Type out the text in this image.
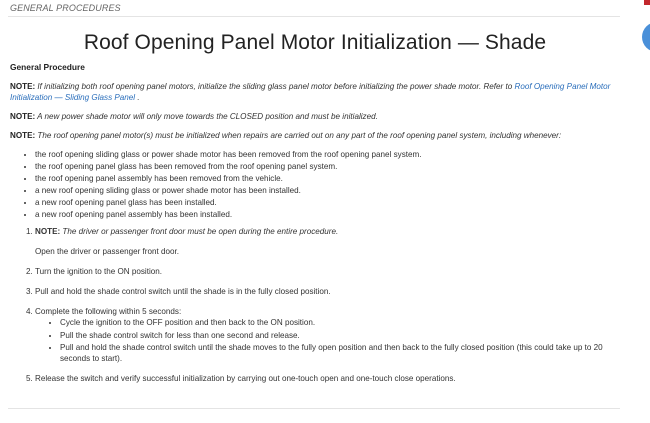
GENERAL PROCEDURES
Roof Opening Panel Motor Initialization — Shade
General Procedure

NOTE: If initializing both roof opening panel motors, initialize the sliding glass panel motor before initializing the power shade motor. Refer to Roof Opening Panel Motor Initialization — Sliding Glass Panel .

NOTE: A new power shade motor will only move towards the CLOSED position and must be initialized.

NOTE: The roof opening panel motor(s) must be initialized when repairs are carried out on any part of the roof opening panel system, including whenever:

• the roof opening sliding glass or power shade motor has been removed from the roof opening panel system.
• the roof opening panel glass has been removed from the roof opening panel system.
• the roof opening panel assembly has been removed from the vehicle.
• a new roof opening sliding glass or power shade motor has been installed.
• a new roof opening panel glass has been installed.
• a new roof opening panel assembly has been installed.
1. NOTE: The driver or passenger front door must be open during the entire procedure.
Open the driver or passenger front door.
2. Turn the ignition to the ON position.
3. Pull and hold the shade control switch until the shade is in the fully closed position.
4. Complete the following within 5 seconds:
• Cycle the ignition to the OFF position and then back to the ON position.
• Pull the shade control switch for less than one second and release.
• Pull and hold the shade control switch until the shade moves to the fully open position and then back to the fully closed position (this could take up to 20 seconds to start).
5. Release the switch and verify successful initialization by carrying out one-touch open and one-touch close operations.
